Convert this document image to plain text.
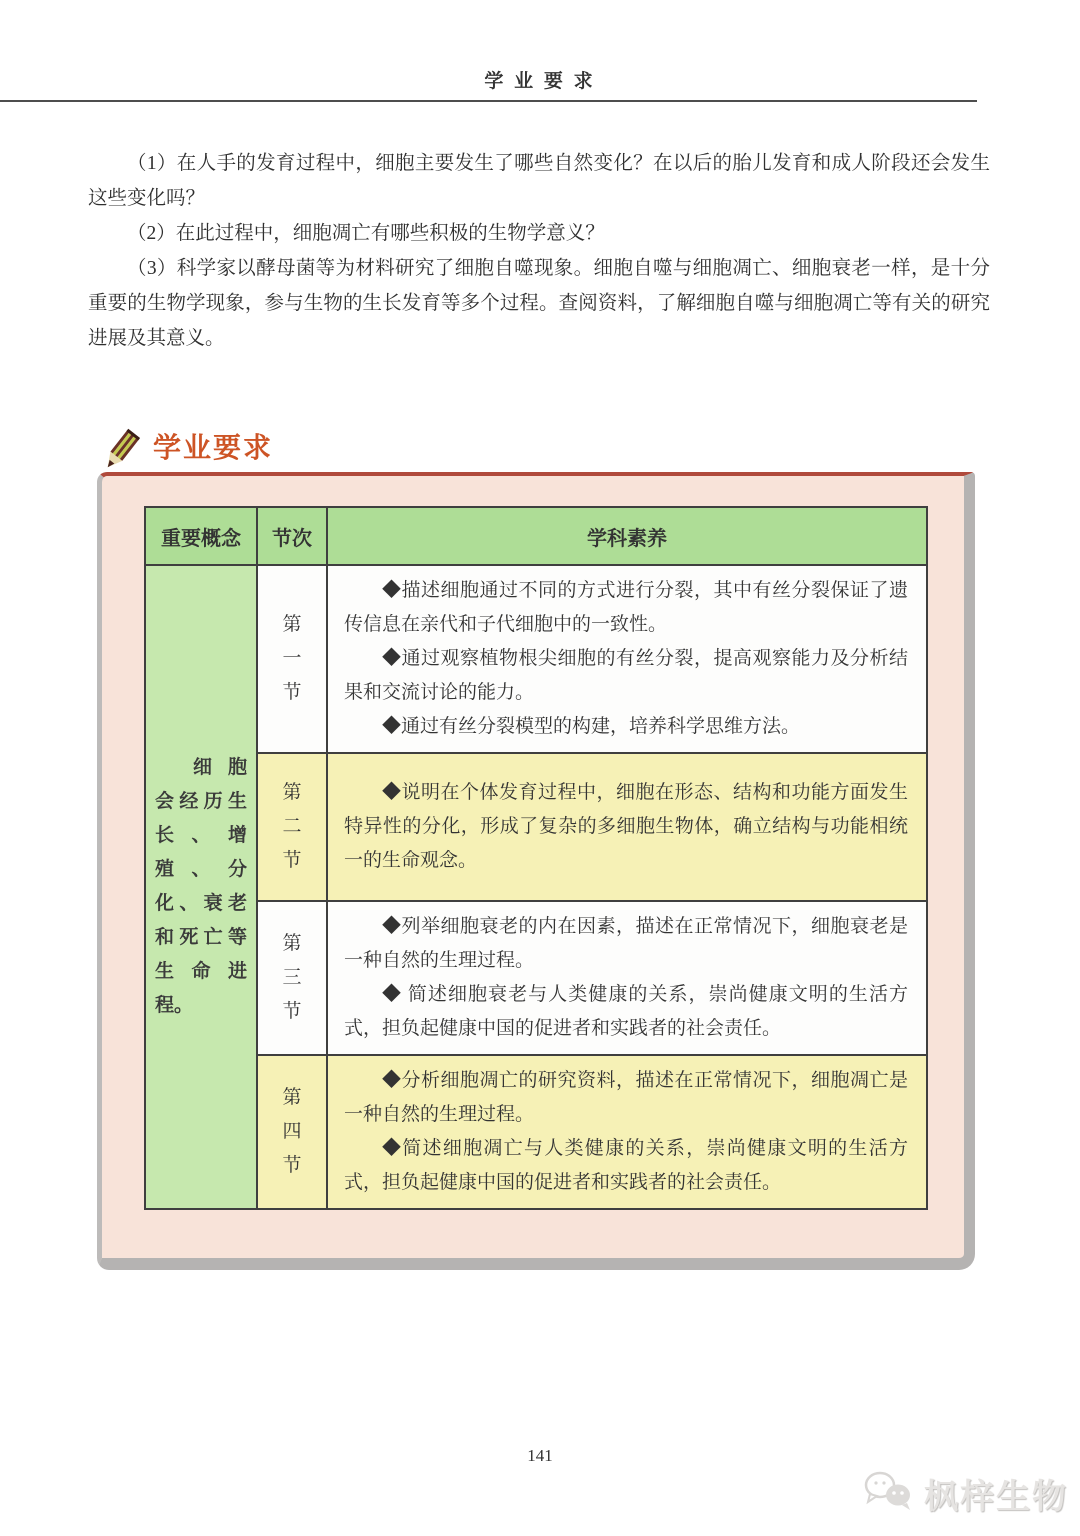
学 业 要 求

（1）在人手的发育过程中，细胞主要发生了哪些自然变化？在以后的胎儿发育和成人阶段还会发生这些变化吗？

（2）在此过程中，细胞凋亡有哪些积极的生物学意义？

（3）科学家以酵母菌等为材料研究了细胞自噬现象。细胞自噬与细胞凋亡、细胞衰老一样，是十分重要的生物学现象，参与生物的生长发育等多个过程。查阅资料，了解细胞自噬与细胞凋亡等有关的研究进展及其意义。

学业要求
重要概念	节次	学科素养

细胞会经历生长、增殖、分化、衰老和死亡等生命进程。	第一节	◆描述细胞通过不同的方式进行分裂，其中有丝分裂保证了遗传信息在亲代和子代细胞中的一致性。

◆通过观察植物根尖细胞的有丝分裂，提高观察能力及分析结果和交流讨论的能力。

◆通过有丝分裂模型的构建，培养科学思维方法。

	第二节	◆说明在个体发育过程中，细胞在形态、结构和功能方面发生特异性的分化，形成了复杂的多细胞生物体，确立结构与功能相统一的生命观念。

	第三节	◆列举细胞衰老的内在因素，描述在正常情况下，细胞衰老是一种自然的生理过程。

◆ 简述细胞衰老与人类健康的关系，崇尚健康文明的生活方式，担负起健康中国的促进者和实践者的社会责任。

	第四节	◆分析细胞凋亡的研究资料，描述在正常情况下，细胞凋亡是一种自然的生理过程。

◆简述细胞凋亡与人类健康的关系，崇尚健康文明的生活方式，担负起健康中国的促进者和实践者的社会责任。

141
枫梓生物
